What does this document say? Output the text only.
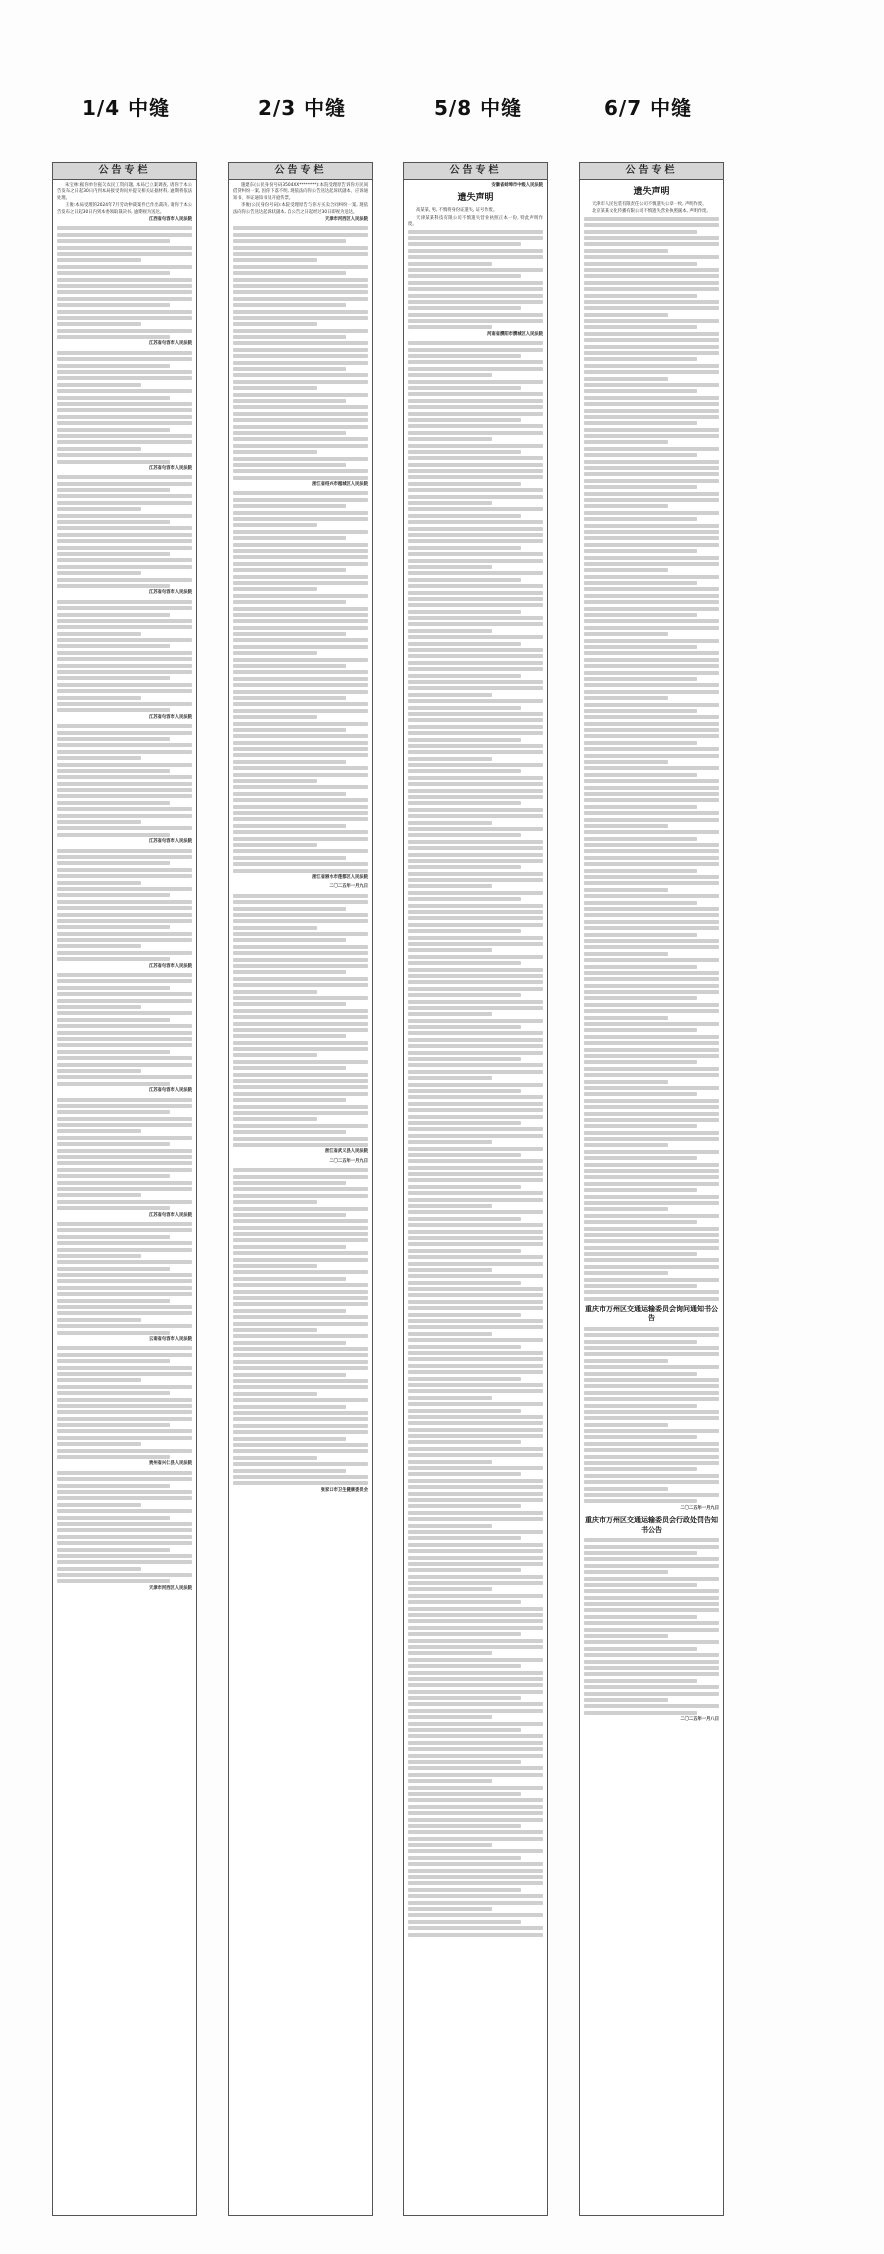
1/4 中缝	2/3 中缝	5/8 中缝	6/7 中缝
公告专栏

朱宝林:据你单位拖欠农民工资问题, 本局已立案调查, 请你于本公告发布之日起30日内到本局接受询问并提交相关证据材料, 逾期将依法处理。

王俊:本局受理的2024年7月劳动仲裁案件已作出裁决, 请你于本公告发布之日起30日内到本委领取裁决书, 逾期视为送达。

江西省句容市人民法院

江苏省句容市人民法院

江苏省句容市人民法院

江苏省句容市人民法院

江苏省句容市人民法院

江苏省句容市人民法院

江苏省句容市人民法院

江苏省句容市人民法院

江苏省句容市人民法院

云南省句容市人民法院

贵州省兴仁县人民法院

天津市河西区人民法院

公告专栏

施建东(公民身份号码3504XX********):本院受理原告诉你方民间借贷纠纷一案, 因你下落不明, 现依法向你公告送达起诉状副本、应诉通知书、举证通知书及开庭传票。

李俊(公民身份号码):本院受理原告与你方买卖合同纠纷一案, 现依法向你公告送达起诉状副本, 自公告之日起经过30日即视为送达。

天津市河西区人民法院

浙江省绍兴市越城区人民法院

浙江省丽水市莲都区人民法院

二〇二五年一月九日

浙江省武义县人民法院

二〇二五年一月九日

张家口市卫生健康委员会

公告专栏

安徽省蚌埠市中级人民法院

遗失声明

高某某, 男, 不慎将身份证遗失, 证号作废。

天津某某科技有限公司不慎遗失营业执照正本一份, 特此声明作废。

河南省濮阳市濮城区人民法院

公告专栏
遗失声明

天津市人民包装有限责任公司不慎遗失公章一枚, 声明作废。

北京某某文化传播有限公司不慎遗失营业执照副本, 声明作废。

重庆市万州区交通运输委员会询问通知书公告

二〇二五年一月九日

重庆市万州区交通运输委员会行政处罚告知书公告

二〇二五年一月八日
